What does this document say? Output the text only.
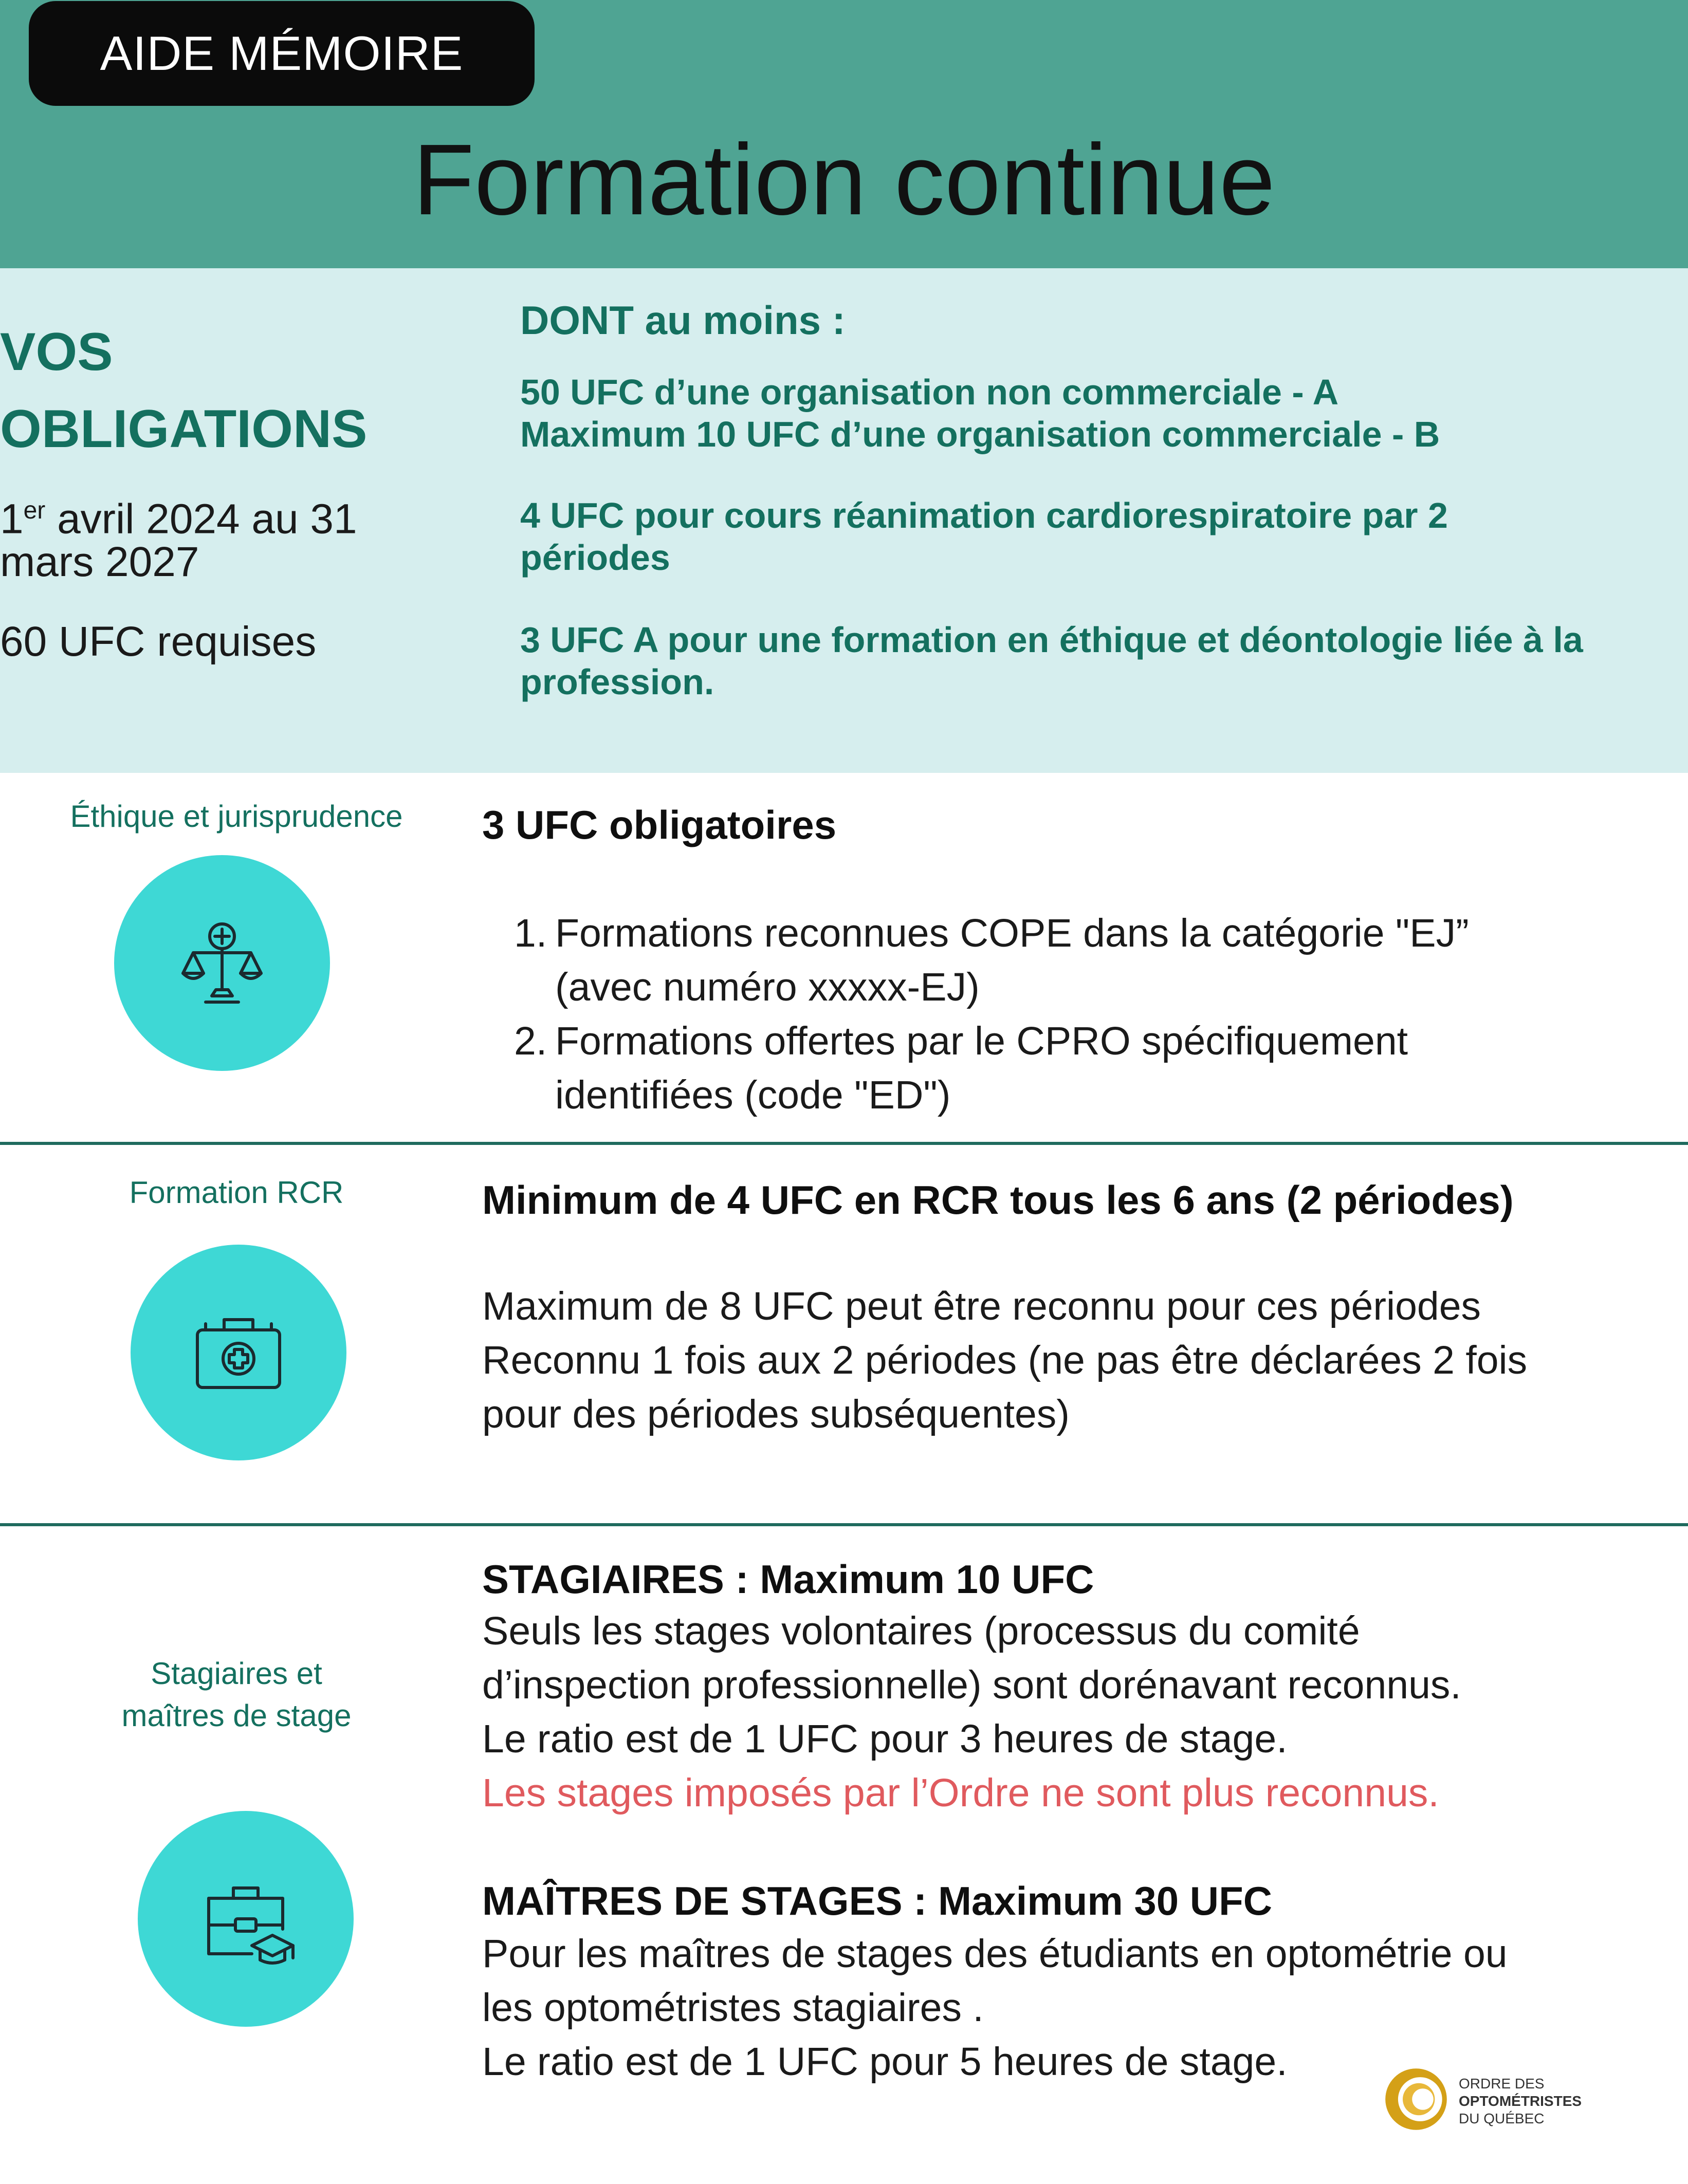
AIDE MÉMOIRE
Formation continue
VOS
OBLIGATIONS
1er avril 2024 au 31
mars 2027
60 UFC requises
DONT au moins :
50 UFC d’une organisation non commerciale - A
Maximum 10 UFC d’une organisation commerciale - B
4 UFC pour cours réanimation cardiorespiratoire par 2
périodes
3 UFC A pour une formation en éthique et déontologie liée à la
profession.
Éthique et jurisprudence	3 UFC obligatoires
1. Formations reconnues COPE dans la catégorie "EJ”
(avec numéro xxxxx-EJ)
2. Formations offertes par le CPRO spécifiquement
identifiées (code "ED")
Formation RCR	Minimum de 4 UFC en RCR tous les 6 ans (2 périodes)
Maximum de 8 UFC peut être reconnu pour ces périodes
Reconnu 1 fois aux 2 périodes (ne pas être déclarées 2 fois
pour des périodes subséquentes)
Stagiaires et
maîtres de stage
STAGIAIRES : Maximum 10 UFC
Seuls les stages volontaires (processus du comité
d’inspection professionnelle) sont dorénavant reconnus.
Le ratio est de 1 UFC pour 3 heures de stage.
Les stages imposés par l’Ordre ne sont plus reconnus.
MAÎTRES DE STAGES : Maximum 30 UFC
Pour les maîtres de stages des étudiants en optométrie ou
les optométristes stagiaires .
Le ratio est de 1 UFC pour 5 heures de stage.	ORDRE DES
OPTOMÉTRISTES
DU QUÉBEC
